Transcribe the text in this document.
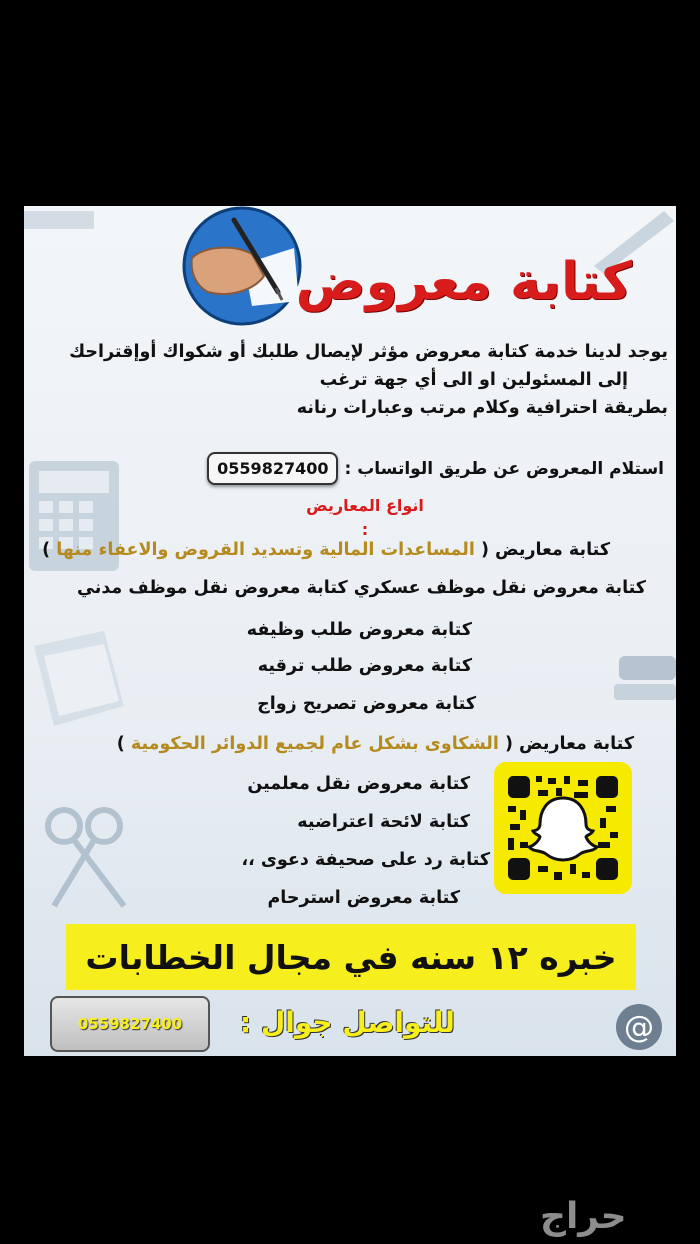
كتابة معروض
يوجد لدينا خدمة كتابة معروض مؤثر لإيصال طلبك أو شكواك أوإقتراحك
إلى المسئولين او الى أي جهة ترغب
بطريقة احترافية وكلام مرتب وعبارات رنانه
استلام المعروض عن طريق الواتساب :
0559827400
انواع المعاريض
:
كتابة معاريض ( المساعدات المالية وتسديد القروض والاعفاء منها )
كتابة معروض نقل موظف عسكري كتابة معروض نقل موظف مدني
كتابة معروض طلب وظيفه
كتابة معروض طلب ترقيه
كتابة معروض تصريح زواج
كتابة معاريض ( الشكاوى بشكل عام لجميع الدوائر الحكومية )
كتابة معروض نقل معلمين
كتابة لائحة اعتراضيه
كتابة رد على صحيفة دعوى ،،
كتابة معروض استرحام
خبره ١٢ سنه في مجال الخطابات
0559827400	للتواصل جوال :	@
حراج
